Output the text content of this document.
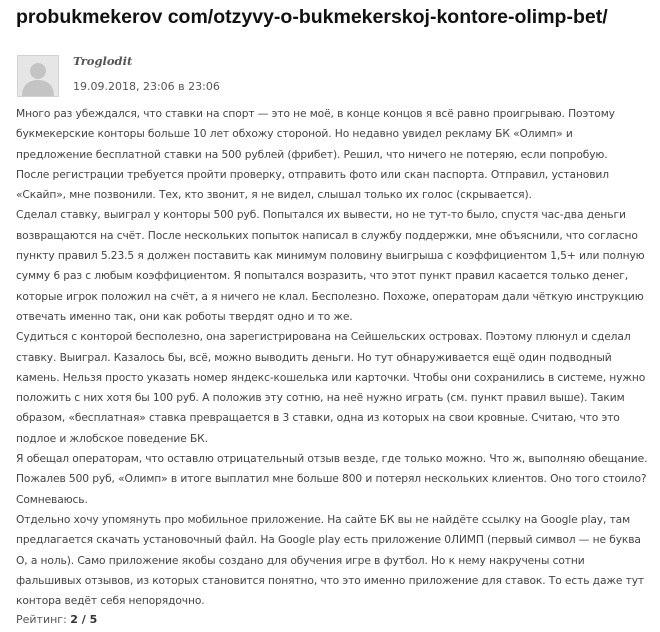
probukmekerov com/otzyvy-o-bukmekerskoj-kontore-olimp-bet/
Troglodit
19.09.2018, 23:06 в 23:06

Много раз убеждался, что ставки на спорт — это не моё, в конце концов я всё равно проигрываю. Поэтому букмекерские конторы больше 10 лет обхожу стороной. Но недавно увидел рекламу БК «Олимп» и предложение бесплатной ставки на 500 рублей (фрибет). Решил, что ничего не потеряю, если попробую.

После регистрации требуется пройти проверку, отправить фото или скан паспорта. Отправил, установил «Скайп», мне позвонили. Тех, кто звонит, я не видел, слышал только их голос (скрывается).

Сделал ставку, выиграл у конторы 500 руб. Попытался их вывести, но не тут-то было, спустя час-два деньги возвращаются на счёт. После нескольких попыток написал в службу поддержки, мне объяснили, что согласно пункту правил 5.23.5 я должен поставить как минимум половину выигрыша с коэффициентом 1,5+ или полную сумму 6 раз с любым коэффициентом. Я попытался возразить, что этот пункт правил касается только денег, которые игрок положил на счёт, а я ничего не клал. Бесполезно. Похоже, операторам дали чёткую инструкцию отвечать именно так, они как роботы твердят одно и то же.

Судиться с конторой бесполезно, она зарегистрирована на Сейшельских островах. Поэтому плюнул и сделал ставку. Выиграл. Казалось бы, всё, можно выводить деньги. Но тут обнаруживается ещё один подводный камень. Нельзя просто указать номер яндекс-кошелька или карточки. Чтобы они сохранились в системе, нужно положить с них хотя бы 100 руб. А положив эту сотню, на неё нужно играть (см. пункт правил выше). Таким образом, «бесплатная» ставка превращается в 3 ставки, одна из которых на свои кровные. Считаю, что это подлое и жлобское поведение БК.

Я обещал операторам, что оставлю отрицательный отзыв везде, где только можно. Что ж, выполняю обещание. Пожалев 500 руб, «Олимп» в итоге выплатил мне больше 800 и потерял нескольких клиентов. Оно того стоило? Сомневаюсь.

Отдельно хочу упомянуть про мобильное приложение. На сайте БК вы не найдёте ссылку на Google play, там предлагается скачать установочный файл. На Google play есть приложение 0ЛИМП (первый символ — не буква О, а ноль). Само приложение якобы создано для обучения игре в футбол. Но к нему накручены сотни фальшивых отзывов, из которых становится понятно, что это именно приложение для ставок. То есть даже тут контора ведёт себя непорядочно.

Рейтинг: 2 / 5
